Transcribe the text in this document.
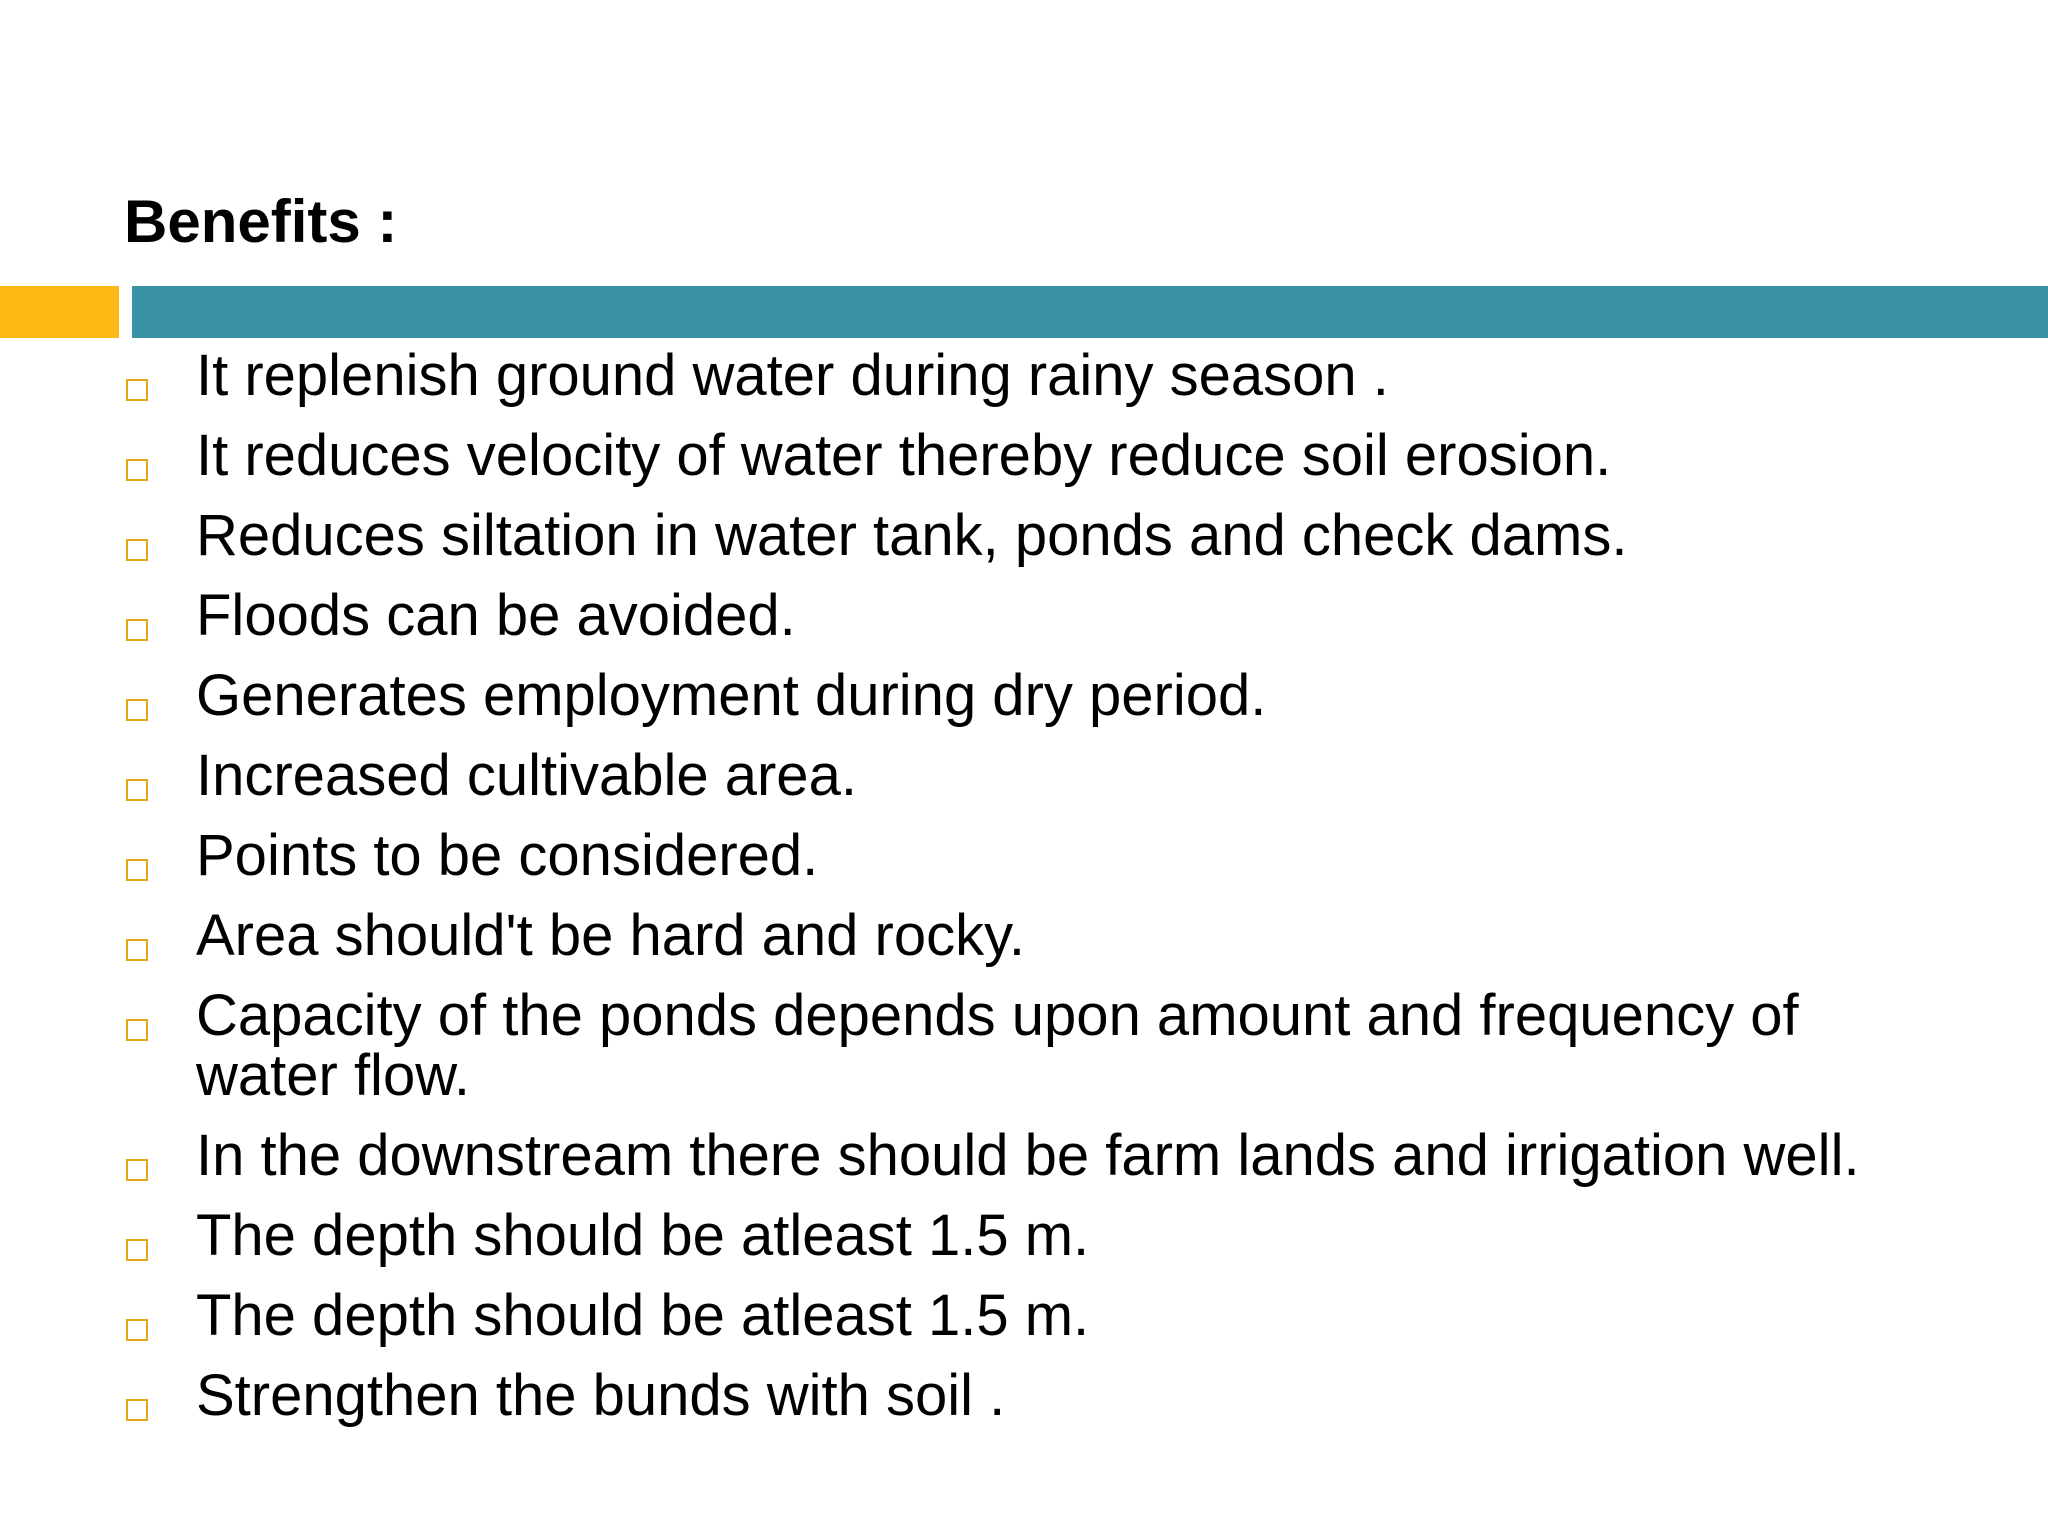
Benefits :
It replenish ground water during rainy season .
It reduces velocity of water thereby reduce soil erosion.
Reduces siltation in water tank, ponds and check dams.
Floods can be avoided.
Generates employment during dry period.
Increased cultivable area.
Points to be considered.
Area should't be hard and rocky.
Capacity of the ponds depends upon amount and frequency of water flow.
In the downstream there should be farm lands and irrigation well.
The depth should be atleast 1.5 m.
The depth should be atleast 1.5 m.
Strengthen the bunds with soil .
